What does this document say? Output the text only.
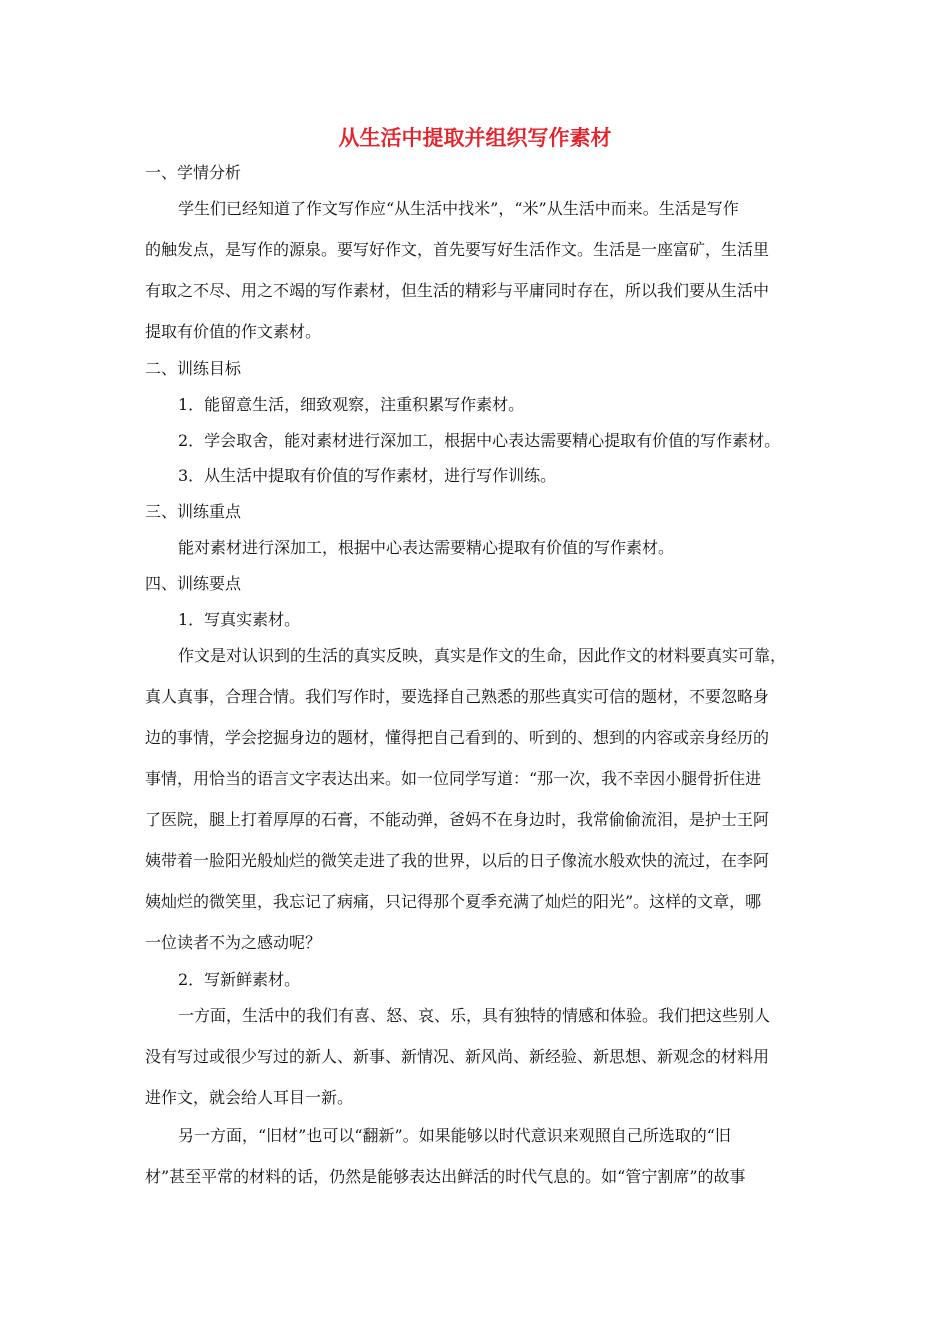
从生活中提取并组织写作素材
一、学情分析
学生们已经知道了作文写作应“从生活中找米”，“米”从生活中而来。生活是写作
的触发点，是写作的源泉。要写好作文，首先要写好生活作文。生活是一座富矿，生活里
有取之不尽、用之不竭的写作素材，但生活的精彩与平庸同时存在，所以我们要从生活中
提取有价值的作文素材。
二、训练目标
1．能留意生活，细致观察，注重积累写作素材。
2．学会取舍，能对素材进行深加工，根据中心表达需要精心提取有价值的写作素材。
3．从生活中提取有价值的写作素材，进行写作训练。
三、训练重点
能对素材进行深加工，根据中心表达需要精心提取有价值的写作素材。
四、训练要点
1．写真实素材。
作文是对认识到的生活的真实反映，真实是作文的生命，因此作文的材料要真实可靠，
真人真事，合理合情。我们写作时，要选择自己熟悉的那些真实可信的题材，不要忽略身
边的事情，学会挖掘身边的题材，懂得把自己看到的、听到的、想到的内容或亲身经历的
事情，用恰当的语言文字表达出来。如一位同学写道：“那一次，我不幸因小腿骨折住进
了医院，腿上打着厚厚的石膏，不能动弹，爸妈不在身边时，我常偷偷流泪，是护士王阿
姨带着一脸阳光般灿烂的微笑走进了我的世界，以后的日子像流水般欢快的流过，在李阿
姨灿烂的微笑里，我忘记了病痛，只记得那个夏季充满了灿烂的阳光”。这样的文章，哪
一位读者不为之感动呢？
2．写新鲜素材。
一方面，生活中的我们有喜、怒、哀、乐，具有独特的情感和体验。我们把这些别人
没有写过或很少写过的新人、新事、新情况、新风尚、新经验、新思想、新观念的材料用
进作文，就会给人耳目一新。
另一方面，“旧材”也可以“翻新”。如果能够以时代意识来观照自己所选取的“旧
材”甚至平常的材料的话，仍然是能够表达出鲜活的时代气息的。如“管宁割席”的故事
